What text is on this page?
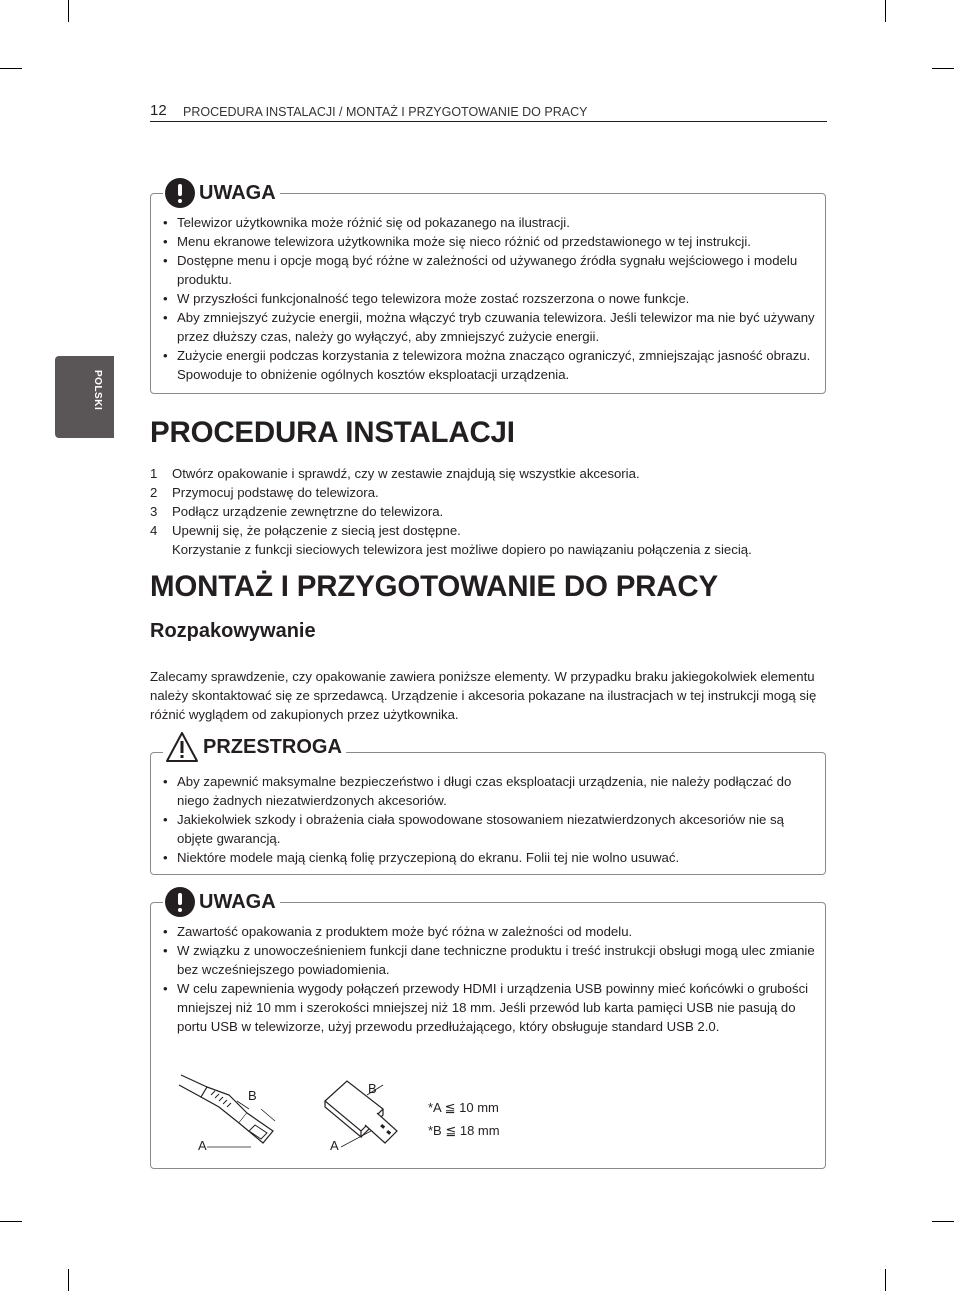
12 PROCEDURA INSTALACJI / MONTAŻ I PRZYGOTOWANIE DO PRACY
POLSKI
UWAGA
• Telewizor użytkownika może różnić się od pokazanego na ilustracji.
• Menu ekranowe telewizora użytkownika może się nieco różnić od przedstawionego w tej instrukcji.
• Dostępne menu i opcje mogą być różne w zależności od używanego źródła sygnału wejściowego i modelu produktu.
• W przyszłości funkcjonalność tego telewizora może zostać rozszerzona o nowe funkcje.
• Aby zmniejszyć zużycie energii, można włączyć tryb czuwania telewizora. Jeśli telewizor ma nie być używany przez dłuższy czas, należy go wyłączyć, aby zmniejszyć zużycie energii.
• Zużycie energii podczas korzystania z telewizora można znacząco ograniczyć, zmniejszając jasność obrazu. Spowoduje to obniżenie ogólnych kosztów eksploatacji urządzenia.
PROCEDURA INSTALACJI
1 Otwórz opakowanie i sprawdź, czy w zestawie znajdują się wszystkie akcesoria.
2 Przymocuj podstawę do telewizora.
3 Podłącz urządzenie zewnętrzne do telewizora.
4 Upewnij się, że połączenie z siecią jest dostępne.
Korzystanie z funkcji sieciowych telewizora jest możliwe dopiero po nawiązaniu połączenia z siecią.
MONTAŻ I PRZYGOTOWANIE DO PRACY
Rozpakowywanie

Zalecamy sprawdzenie, czy opakowanie zawiera poniższe elementy. W przypadku braku jakiegokolwiek elementu należy skontaktować się ze sprzedawcą. Urządzenie i akcesoria pokazane na ilustracjach w tej instrukcji mogą się różnić wyglądem od zakupionych przez użytkownika.

PRZESTROGA
• Aby zapewnić maksymalne bezpieczeństwo i długi czas eksploatacji urządzenia, nie należy podłączać do niego żadnych niezatwierdzonych akcesoriów.
• Jakiekolwiek szkody i obrażenia ciała spowodowane stosowaniem niezatwierdzonych akcesoriów nie są objęte gwarancją.
• Niektóre modele mają cienką folię przyczepioną do ekranu. Folii tej nie wolno usuwać.
UWAGA
• Zawartość opakowania z produktem może być różna w zależności od modelu.
• W związku z unowocześnieniem funkcji dane techniczne produktu i treść instrukcji obsługi mogą ulec zmianie bez wcześniejszego powiadomienia.
• W celu zapewnienia wygody połączeń przewody HDMI i urządzenia USB powinny mieć końcówki o grubości mniejszej niż 10 mm i szerokości mniejszej niż 18 mm. Jeśli przewód lub karta pamięci USB nie pasują do portu USB w telewizorze, użyj przewodu przedłużającego, który obsługuje standard USB 2.0.
B
A
B
A
*A ≦ 10 mm
*B ≦ 18 mm
